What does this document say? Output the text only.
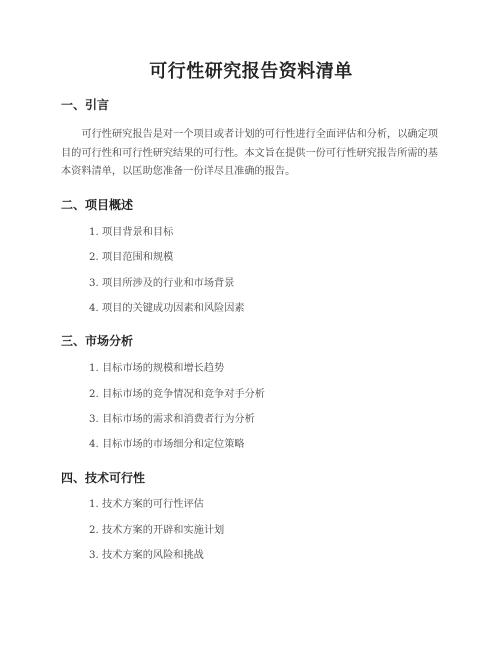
可行性研究报告资料清单
一、引言

可行性研究报告是对一个项目或者计划的可行性进行全面评估和分析，以确定项目的可行性和可行性研究结果的可行性。本文旨在提供一份可行性研究报告所需的基本资料清单，以匡助您准备一份详尽且准确的报告。

二、项目概述
1. 项目背景和目标
2. 项目范围和规模
3. 项目所涉及的行业和市场背景
4. 项目的关键成功因素和风险因素
三、市场分析
1. 目标市场的规模和增长趋势
2. 目标市场的竞争情况和竞争对手分析
3. 目标市场的需求和消费者行为分析
4. 目标市场的市场细分和定位策略
四、技术可行性
1. 技术方案的可行性评估
2. 技术方案的开辟和实施计划
3. 技术方案的风险和挑战
